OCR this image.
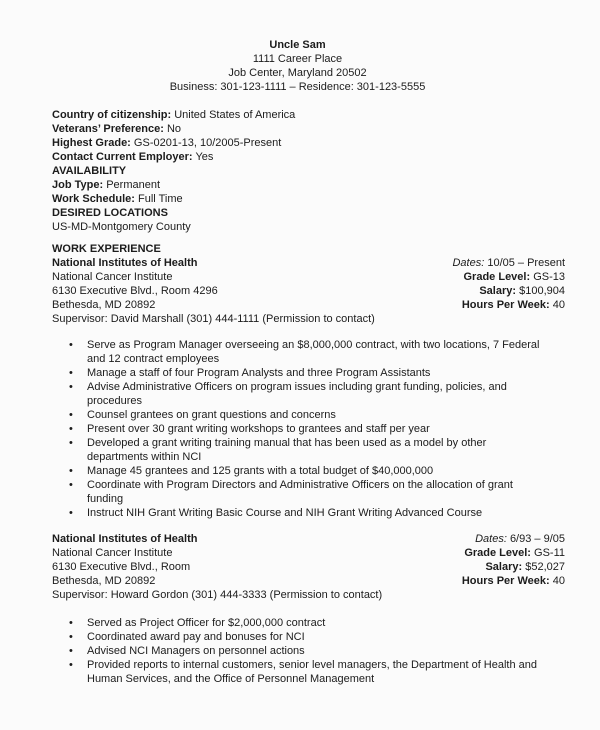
Uncle Sam
1111 Career Place
Job Center, Maryland 20502
Business: 301-123-1111 – Residence: 301-123-5555
Country of citizenship: United States of America
Veterans’ Preference: No
Highest Grade: GS-0201-13, 10/2005-Present
Contact Current Employer: Yes
AVAILABILITY
Job Type: Permanent
Work Schedule: Full Time
DESIRED LOCATIONS
US-MD-Montgomery County
WORK EXPERIENCE
National Institutes of Health	Dates: 10/05 – Present
National Cancer Institute	Grade Level: GS-13
6130 Executive Blvd., Room 4296	Salary: $100,904
Bethesda, MD 20892	Hours Per Week: 40
Supervisor: David Marshall (301) 444-1111 (Permission to contact)
• Serve as Program Manager overseeing an $8,000,000 contract, with two locations, 7 Federal and 12 contract employees
• Manage a staff of four Program Analysts and three Program Assistants
• Advise Administrative Officers on program issues including grant funding, policies, and procedures
• Counsel grantees on grant questions and concerns
• Present over 30 grant writing workshops to grantees and staff per year
• Developed a grant writing training manual that has been used as a model by other departments within NCI
• Manage 45 grantees and 125 grants with a total budget of $40,000,000
• Coordinate with Program Directors and Administrative Officers on the allocation of grant funding
• Instruct NIH Grant Writing Basic Course and NIH Grant Writing Advanced Course
National Institutes of Health	Dates: 6/93 – 9/05
National Cancer Institute	Grade Level: GS-11
6130 Executive Blvd., Room	Salary: $52,027
Bethesda, MD 20892	Hours Per Week: 40
Supervisor: Howard Gordon (301) 444-3333 (Permission to contact)
• Served as Project Officer for $2,000,000 contract
• Coordinated award pay and bonuses for NCI
• Advised NCI Managers on personnel actions
• Provided reports to internal customers, senior level managers, the Department of Health and Human Services, and the Office of Personnel Management
